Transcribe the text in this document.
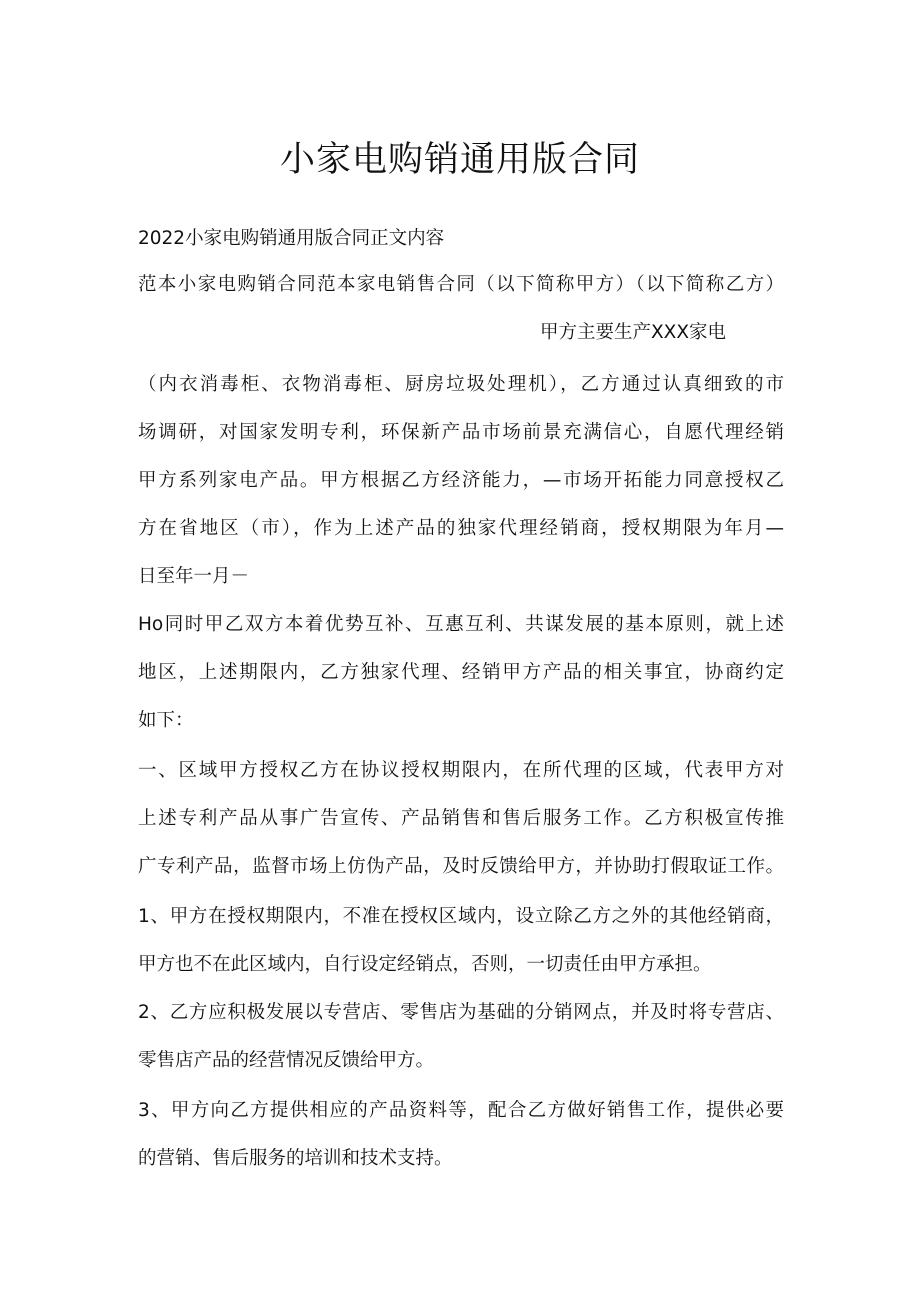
小家电购销通用版合同

2022小家电购销通用版合同正文内容

范本小家电购销合同范本家电销售合同（以下简称甲方）（以下简称乙方）

甲方主要生产XXX家电

（内衣消毒柜、衣物消毒柜、厨房垃圾处理机），乙方通过认真细致的市

场调研，对国家发明专利，环保新产品市场前景充满信心，自愿代理经销

甲方系列家电产品。甲方根据乙方经济能力，—市场开拓能力同意授权乙

方在省地区（市），作为上述产品的独家代理经销商，授权期限为年月—

日至年一月－

Ho同时甲乙双方本着优势互补、互惠互利、共谋发展的基本原则，就上述

地区，上述期限内，乙方独家代理、经销甲方产品的相关事宜，协商约定

如下：

一、区域甲方授权乙方在协议授权期限内，在所代理的区域，代表甲方对

上述专利产品从事广告宣传、产品销售和售后服务工作。乙方积极宣传推

广专利产品，监督市场上仿伪产品，及时反馈给甲方，并协助打假取证工作。

1、甲方在授权期限内，不准在授权区域内，设立除乙方之外的其他经销商，

甲方也不在此区域内，自行设定经销点，否则，一切责任由甲方承担。

2、乙方应积极发展以专营店、零售店为基础的分销网点，并及时将专营店、

零售店产品的经营情况反馈给甲方。

3、甲方向乙方提供相应的产品资料等，配合乙方做好销售工作，提供必要

的营销、售后服务的培训和技术支持。
